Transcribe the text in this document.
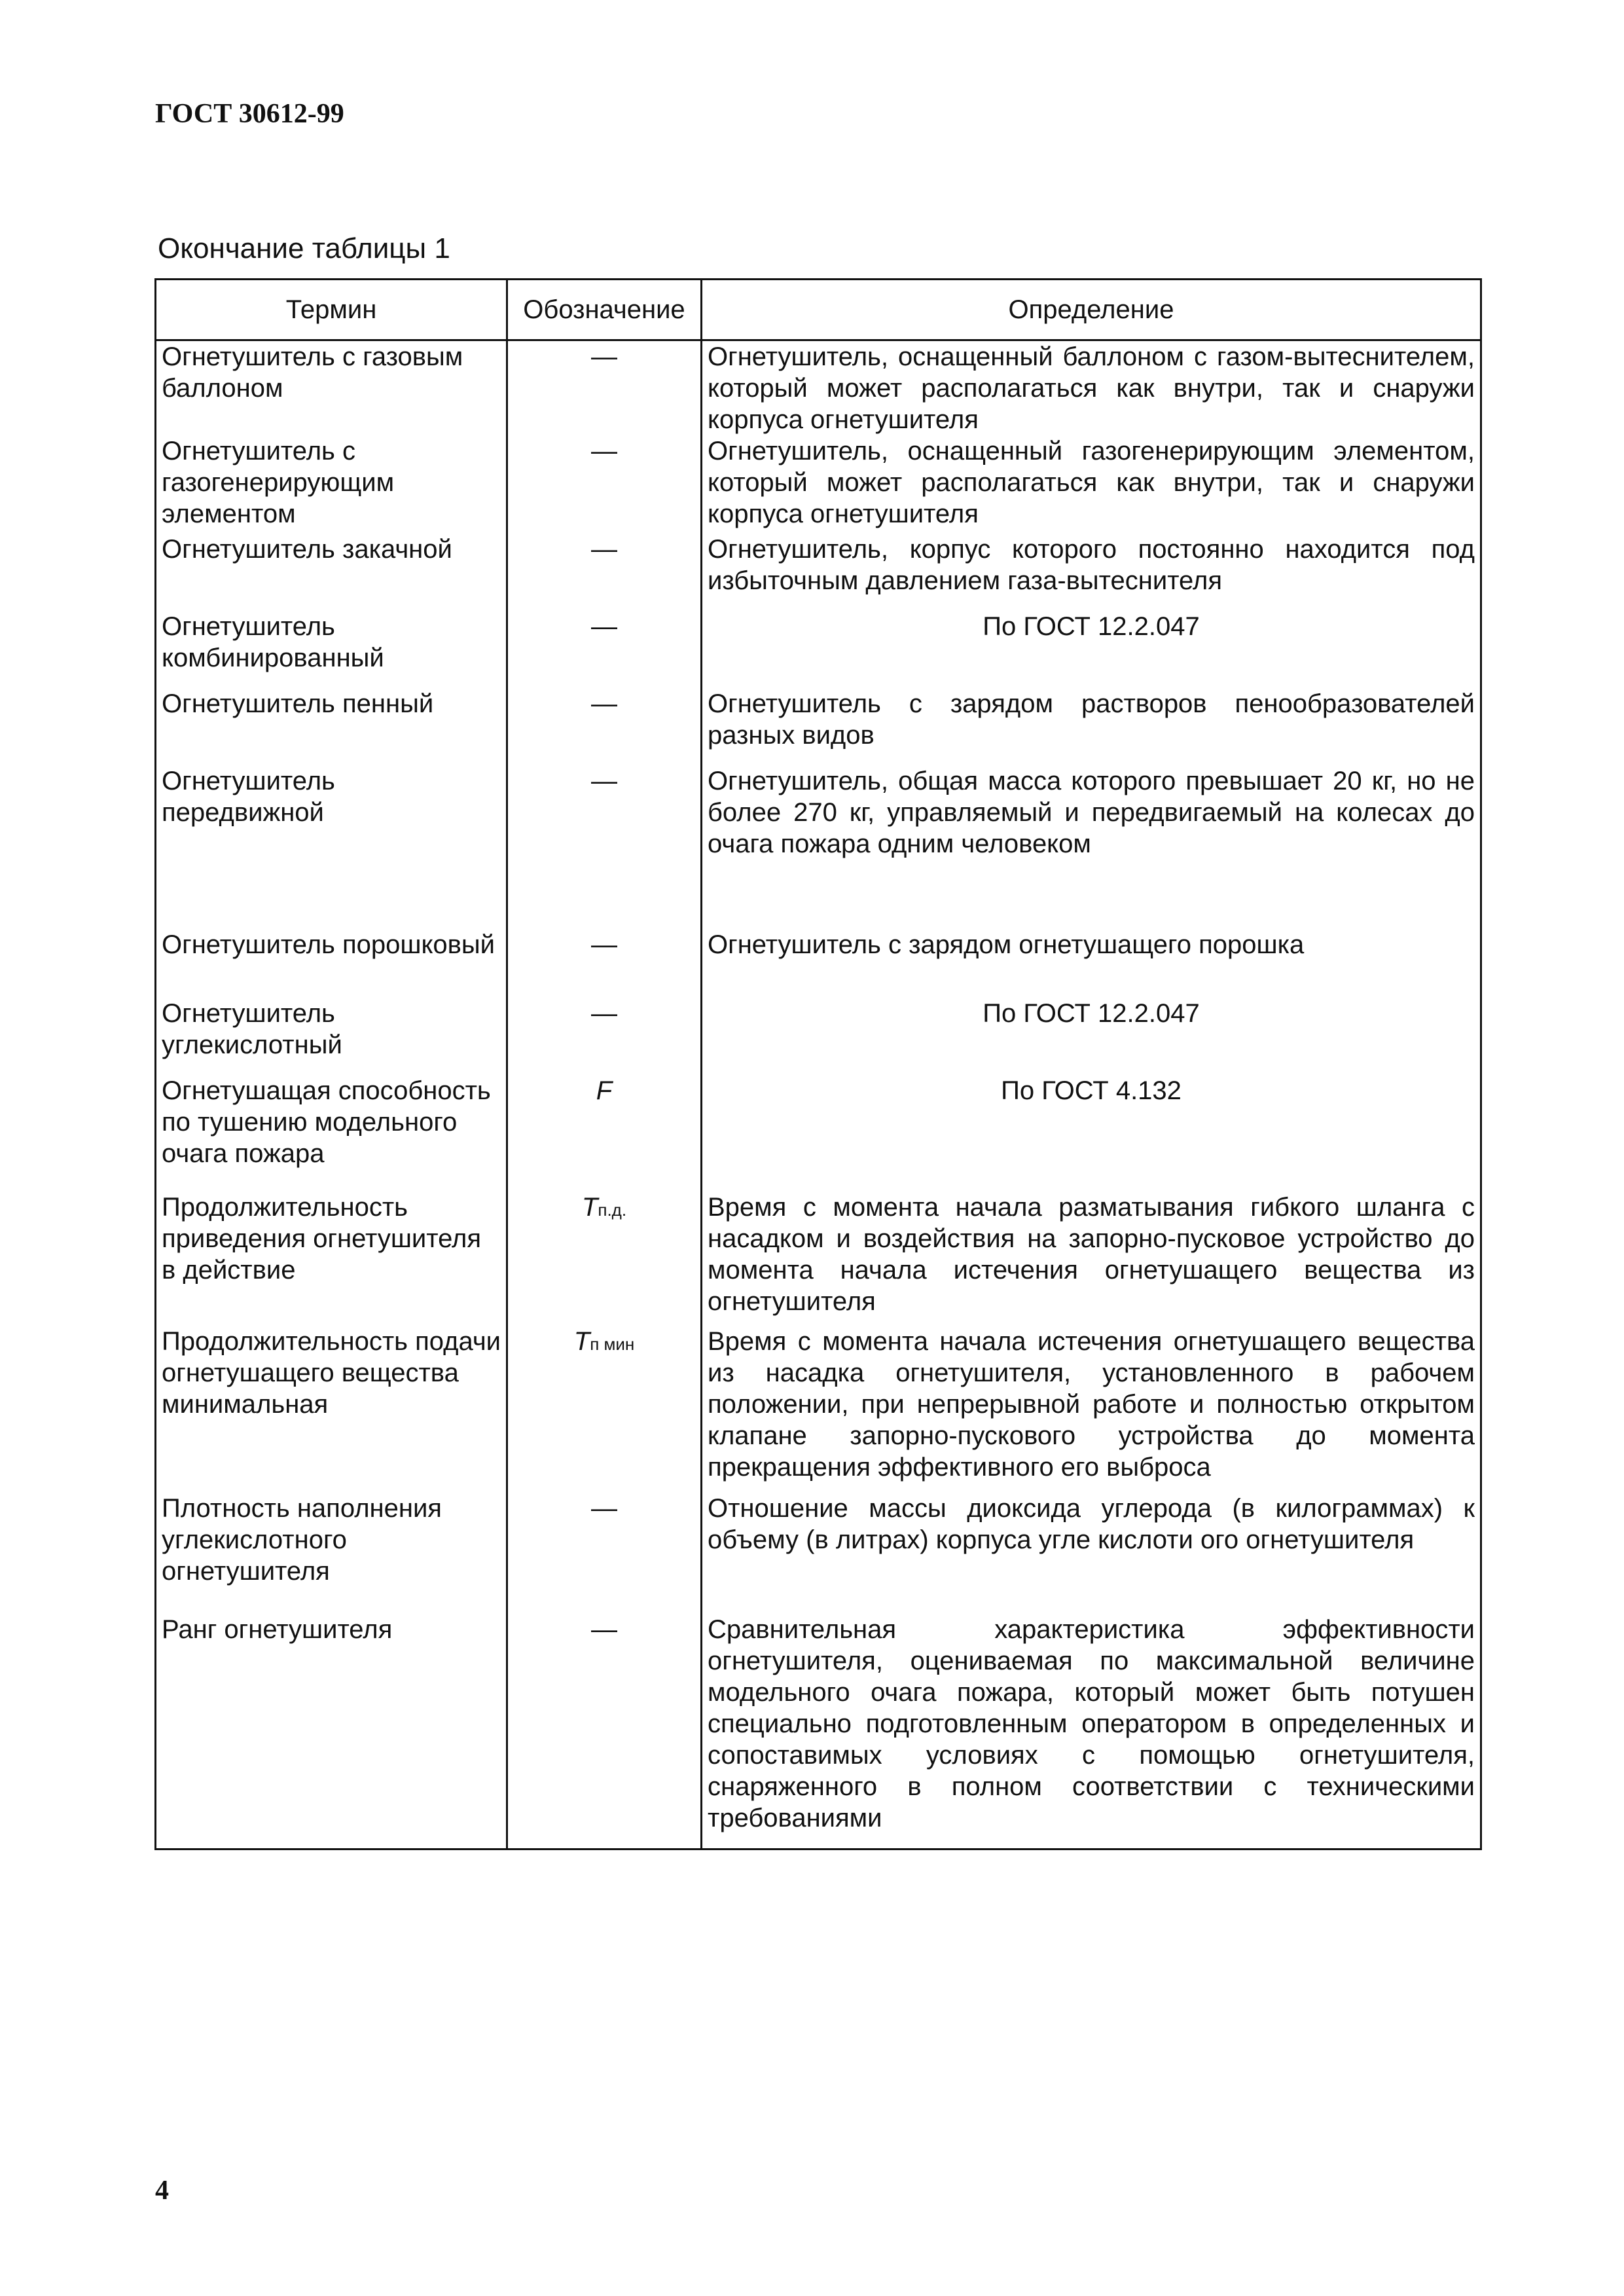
ГОСТ 30612-99
Окончание таблицы 1
Термин	Обозначение	Определение
Огнетушитель с газовым баллоном	—	Огнетушитель, оснащенный баллоном с газом-вытеснителем, который может располагаться как внутри, так и снаружи корпуса огнетушителя
Огнетушитель с газогенерирующим элементом	—	Огнетушитель, оснащенный газогенерирующим элементом, который может располагаться как внутри, так и снаружи корпуса огнетушителя
Огнетушитель закачной	—	Огнетушитель, корпус которого постоянно находится под избыточным давлением газа-вытеснителя
Огнетушитель комбинированный	—	По ГОСТ 12.2.047
Огнетушитель пенный	—	Огнетушитель с зарядом растворов пенообразователей разных видов
Огнетушитель передвижной	—	Огнетушитель, общая масса которого превышает 20 кг, но не более 270 кг, управляемый и передвигаемый на колесах до очага пожара одним человеком
Огнетушитель порошковый	—	Огнетушитель с зарядом огнетушащего порошка
Огнетушитель углекислотный	—	По ГОСТ 12.2.047
Огнетушащая способность по тушению модельного очага пожара	F	По ГОСТ 4.132
Продолжительность приведения огнетушителя в действие	Tп.д.	Время с момента начала разматывания гибкого шланга с насадком и воздействия на запорно-пусковое устройство до момента начала истечения огнетушащего вещества из огнетушителя
Продолжительность подачи огнетушащего вещества минимальная	Tп мин	Время с момента начала истечения огнетушащего вещества из насадка огнетушителя, установленного в рабочем положении, при непрерывной работе и полностью открытом клапане запорно-пускового устройства до момента прекращения эффективного его выброса
Плотность наполнения углекислотного огнетушителя	—	Отношение массы диоксида углерода (в килограммах) к объему (в литрах) корпуса угле кислоти ого огнетушителя
Ранг огнетушителя	—	Сравнительная характеристика эффективности огнетушителя, оцениваемая по максимальной величине модельного очага пожара, который может быть потушен специально подготовленным оператором в определенных и сопоставимых условиях с помощью огнетушителя, снаряженного в полном соответствии с техническими требованиями
4
